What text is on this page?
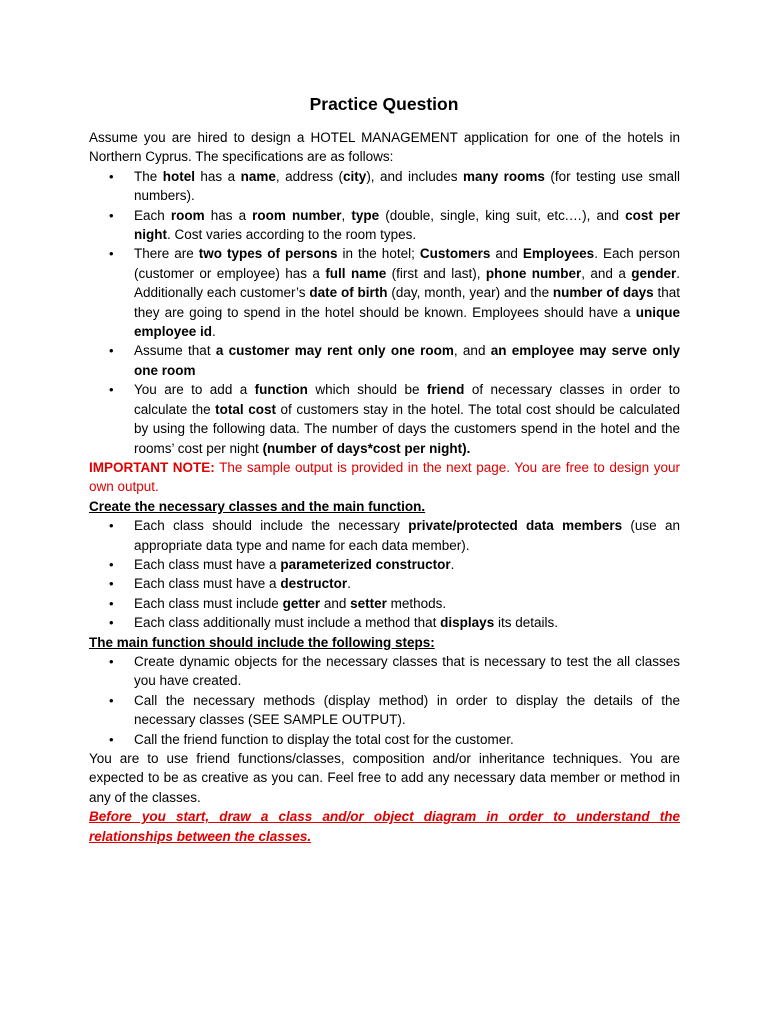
Practice Question

Assume you are hired to design a HOTEL MANAGEMENT application for one of the hotels in Northern Cyprus. The specifications are as follows:

• The hotel has a name, address (city), and includes many rooms (for testing use small numbers).
• Each room has a room number, type (double, single, king suit, etc.…), and cost per night. Cost varies according to the room types.
• There are two types of persons in the hotel; Customers and Employees. Each person (customer or employee) has a full name (first and last), phone number, and a gender. Additionally each customer’s date of birth (day, month, year) and the number of days that they are going to spend in the hotel should be known. Employees should have a unique employee id.
• Assume that a customer may rent only one room, and an employee may serve only one room
• You are to add a function which should be friend of necessary classes in order to calculate the total cost of customers stay in the hotel. The total cost should be calculated by using the following data. The number of days the customers spend in the hotel and the rooms’ cost per night (number of days*cost per night).

IMPORTANT NOTE: The sample output is provided in the next page. You are free to design your own output.

Create the necessary classes and the main function.

• Each class should include the necessary private/protected data members (use an appropriate data type and name for each data member).
• Each class must have a parameterized constructor.
• Each class must have a destructor.
• Each class must include getter and setter methods.
• Each class additionally must include a method that displays its details.

The main function should include the following steps:

• Create dynamic objects for the necessary classes that is necessary to test the all classes you have created.
• Call the necessary methods (display method) in order to display the details of the necessary classes (SEE SAMPLE OUTPUT).
• Call the friend function to display the total cost for the customer.

You are to use friend functions/classes, composition and/or inheritance techniques. You are expected to be as creative as you can. Feel free to add any necessary data member or method in any of the classes.

Before you start, draw a class and/or object diagram in order to understand the relationships between the classes.
